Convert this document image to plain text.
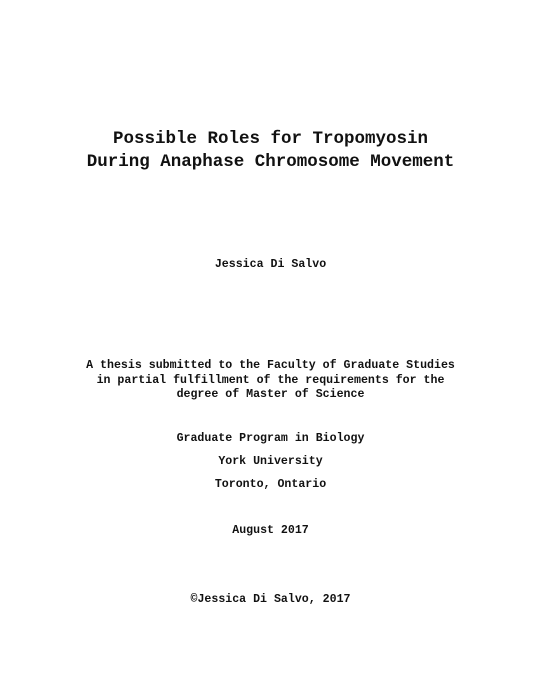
Possible Roles for Tropomyosin

During Anaphase Chromosome Movement

Jessica Di Salvo

A thesis submitted to the Faculty of Graduate Studies

in partial fulfillment of the requirements for the

degree of Master of Science

Graduate Program in Biology

York University

Toronto, Ontario

August 2017

©Jessica Di Salvo, 2017
